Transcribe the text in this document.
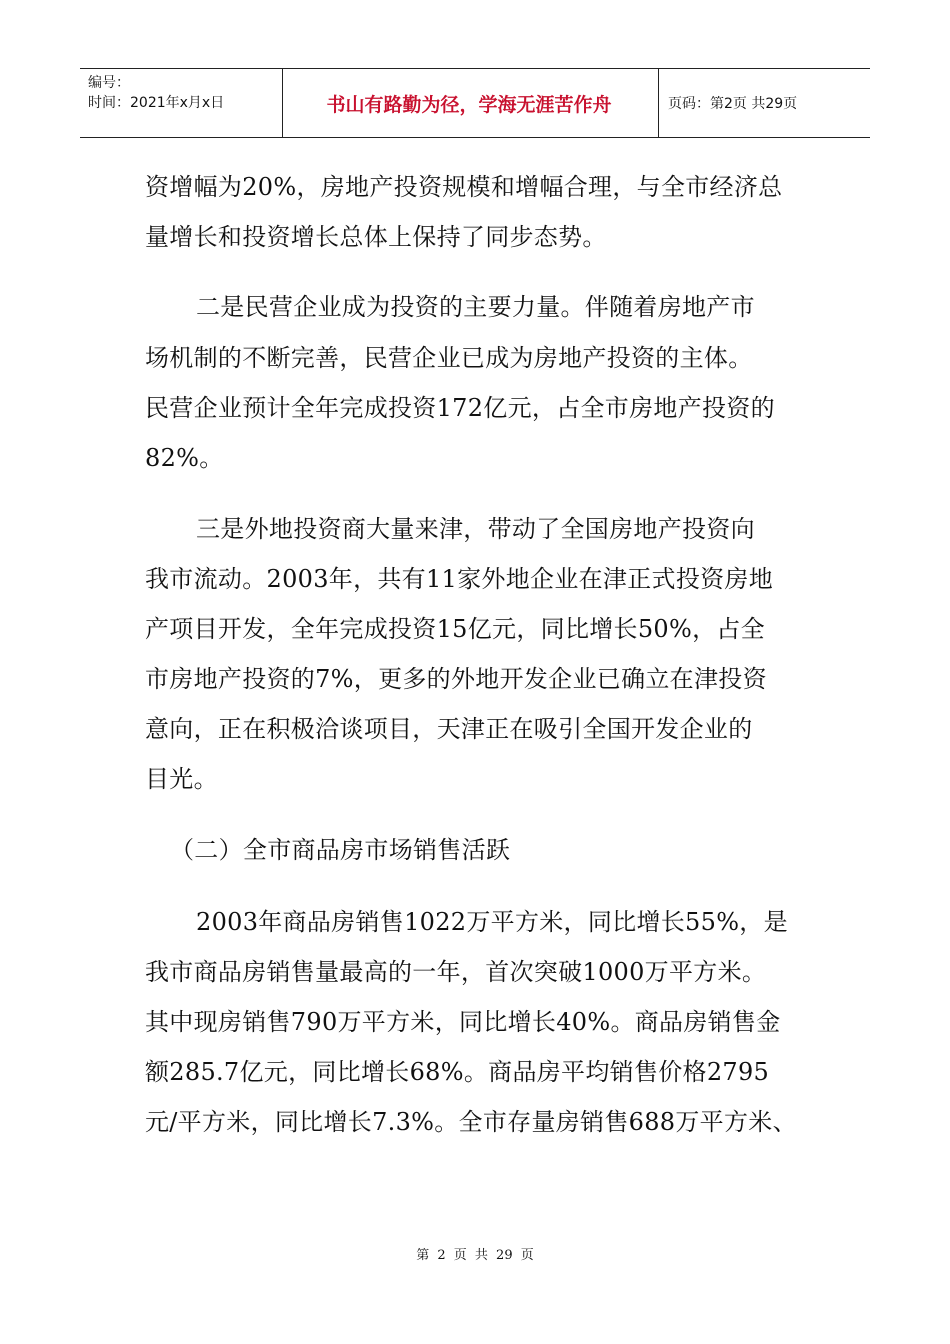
编号：
时间：2021年x月x日	书山有路勤为径，学海无涯苦作舟	页码：第2页 共29页
资增幅为20%，房地产投资规模和增幅合理，与全市经济总
量增长和投资增长总体上保持了同步态势。
二是民营企业成为投资的主要力量。伴随着房地产市
场机制的不断完善，民营企业已成为房地产投资的主体。
民营企业预计全年完成投资172亿元，占全市房地产投资的
82%。
三是外地投资商大量来津，带动了全国房地产投资向
我市流动。2003年，共有11家外地企业在津正式投资房地
产项目开发，全年完成投资15亿元，同比增长50%，占全
市房地产投资的7%，更多的外地开发企业已确立在津投资
意向，正在积极洽谈项目，天津正在吸引全国开发企业的
目光。
（二）全市商品房市场销售活跃
2003年商品房销售1022万平方米，同比增长55%，是
我市商品房销售量最高的一年，首次突破1000万平方米。
其中现房销售790万平方米，同比增长40%。商品房销售金
额285.7亿元，同比增长68%。商品房平均销售价格2795
元/平方米，同比增长7.3%。全市存量房销售688万平方米、
第 2 页 共 29 页
